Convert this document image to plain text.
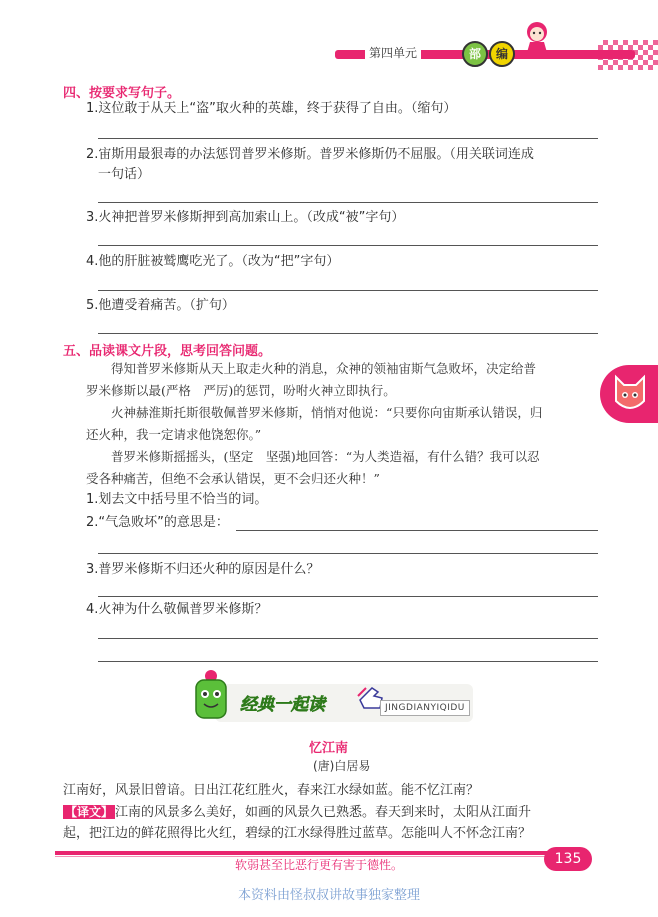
第四单元	部	编
四、按要求写句子。
1.这位敢于从天上“盗”取火种的英雄，终于获得了自由。（缩句）
2.宙斯用最狠毒的办法惩罚普罗米修斯。普罗米修斯仍不屈服。（用关联词连成
一句话）
3.火神把普罗米修斯押到高加索山上。（改成“被”字句）
4.他的肝脏被鹫鹰吃光了。（改为“把”字句）
5.他遭受着痛苦。（扩句）
五、品读课文片段，思考回答问题。
得知普罗米修斯从天上取走火种的消息，众神的领袖宙斯气急败坏，决定给普
罗米修斯以最(严格　严厉)的惩罚，吩咐火神立即执行。
火神赫淮斯托斯很敬佩普罗米修斯，悄悄对他说：“只要你向宙斯承认错误，归
还火种，我一定请求他饶恕你。”
普罗米修斯摇摇头，(坚定　坚强)地回答：“为人类造福，有什么错？我可以忍
受各种痛苦，但绝不会承认错误，更不会归还火种！”
1.划去文中括号里不恰当的词。
2.“气急败坏”的意思是：
3.普罗米修斯不归还火种的原因是什么？
4.火神为什么敬佩普罗米修斯？
经典一起读	JINGDIANYIQIDU
忆江南
(唐)白居易
江南好，风景旧曾谙。日出江花红胜火，春来江水绿如蓝。能不忆江南？
【译文】 江南的风景多么美好，如画的风景久已熟悉。春天到来时，太阳从江面升
起，把江边的鲜花照得比火红，碧绿的江水绿得胜过蓝草。怎能叫人不怀念江南？
软弱甚至比恶行更有害于德性。	135
本资料由怪叔叔讲故事独家整理
